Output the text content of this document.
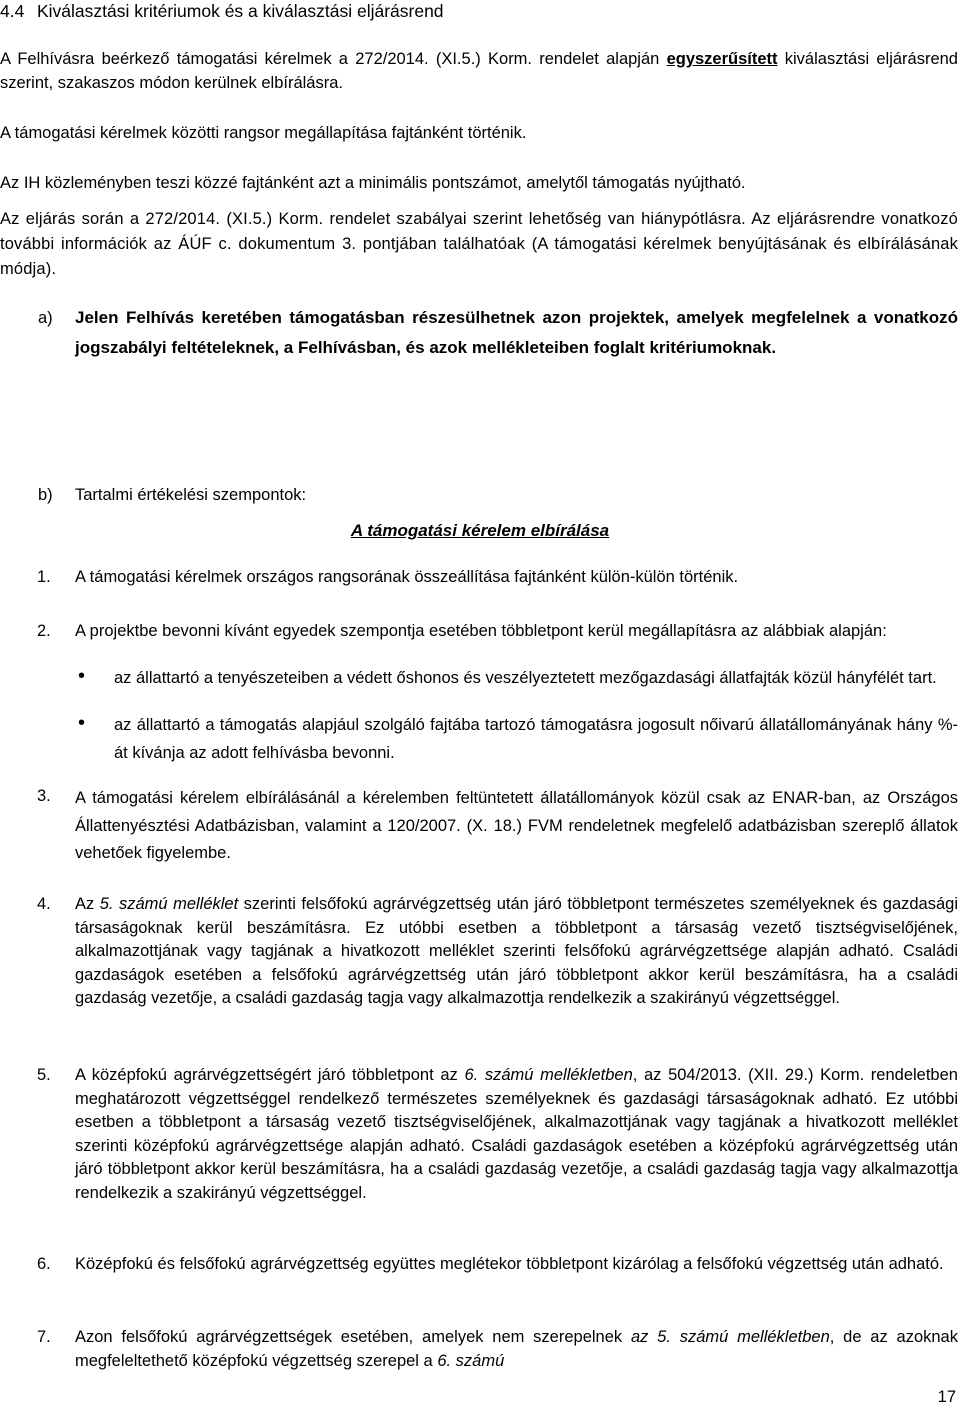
4.4 Kiválasztási kritériumok és a kiválasztási eljárásrend
A Felhívásra beérkező támogatási kérelmek a 272/2014. (XI.5.) Korm. rendelet alapján egyszerűsített kiválasztási eljárásrend szerint, szakaszos módon kerülnek elbírálásra.
A támogatási kérelmek közötti rangsor megállapítása fajtánként történik.
Az IH közleményben teszi közzé fajtánként azt a minimális pontszámot, amelytől támogatás nyújtható.
Az eljárás során a 272/2014. (XI.5.) Korm. rendelet szabályai szerint lehetőség van hiánypótlásra. Az eljárásrendre vonatkozó további információk az ÁÚF c. dokumentum 3. pontjában találhatóak (A támogatási kérelmek benyújtásának és elbírálásának módja).
a) Jelen Felhívás keretében támogatásban részesülhetnek azon projektek, amelyek megfelelnek a vonatkozó jogszabályi feltételeknek, a Felhívásban, és azok mellékleteiben foglalt kritériumoknak.
b) Tartalmi értékelési szempontok:
A támogatási kérelem elbírálása
1. A támogatási kérelmek országos rangsorának összeállítása fajtánként külön-külön történik.
2. A projektbe bevonni kívánt egyedek szempontja esetében többletpont kerül megállapításra az alábbiak alapján:
• az állattartó a tenyészeteiben a védett őshonos és veszélyeztetett mezőgazdasági állatfajták közül hányfélét tart.
• az állattartó a támogatás alapjául szolgáló fajtába tartozó támogatásra jogosult nőivarú állatállományának hány %-át kívánja az adott felhívásba bevonni.
3. A támogatási kérelem elbírálásánál a kérelemben feltüntetett állatállományok közül csak az ENAR-ban, az Országos Állattenyésztési Adatbázisban, valamint a 120/2007. (X. 18.) FVM rendeletnek megfelelő adatbázisban szereplő állatok vehetőek figyelembe.
4. Az 5. számú melléklet szerinti felsőfokú agrárvégzettség után járó többletpont természetes személyeknek és gazdasági társaságoknak kerül beszámításra. Ez utóbbi esetben a többletpont a társaság vezető tisztségviselőjének, alkalmazottjának vagy tagjának a hivatkozott melléklet szerinti felsőfokú agrárvégzettsége alapján adható. Családi gazdaságok esetében a felsőfokú agrárvégzettség után járó többletpont akkor kerül beszámításra, ha a családi gazdaság vezetője, a családi gazdaság tagja vagy alkalmazottja rendelkezik a szakirányú végzettséggel.
5. A középfokú agrárvégzettségért járó többletpont az 6. számú mellékletben, az 504/2013. (XII. 29.) Korm. rendeletben meghatározott végzettséggel rendelkező természetes személyeknek és gazdasági társaságoknak adható. Ez utóbbi esetben a többletpont a társaság vezető tisztségviselőjének, alkalmazottjának vagy tagjának a hivatkozott melléklet szerinti középfokú agrárvégzettsége alapján adható. Családi gazdaságok esetében a középfokú agrárvégzettség után járó többletpont akkor kerül beszámításra, ha a családi gazdaság vezetője, a családi gazdaság tagja vagy alkalmazottja rendelkezik a szakirányú végzettséggel.
6. Középfokú és felsőfokú agrárvégzettség együttes meglétekor többletpont kizárólag a felsőfokú végzettség után adható.
7. Azon felsőfokú agrárvégzettségek esetében, amelyek nem szerepelnek az 5. számú mellékletben, de az azoknak megfeleltethető középfokú végzettség szerepel a 6. számú
17
